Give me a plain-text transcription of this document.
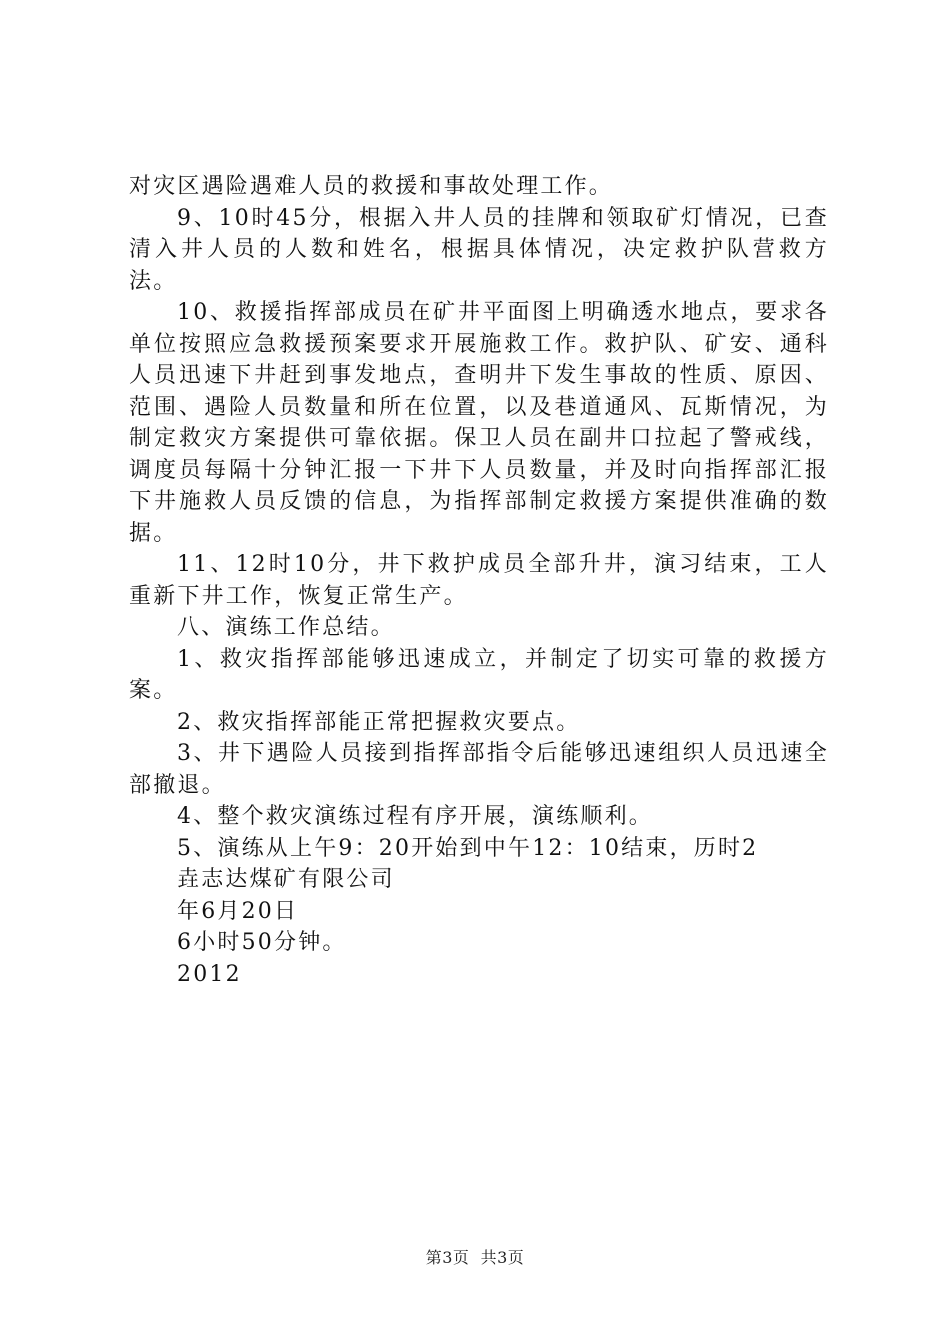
对灾区遇险遇难人员的救援和事故处理工作。

9、10时45分，根据入井人员的挂牌和领取矿灯情况，已查清入井人员的人数和姓名，根据具体情况，决定救护队营救方法。

10、救援指挥部成员在矿井平面图上明确透水地点，要求各单位按照应急救援预案要求开展施救工作。救护队、矿安、通科人员迅速下井赶到事发地点，查明井下发生事故的性质、原因、范围、遇险人员数量和所在位置，以及巷道通风、瓦斯情况，为制定救灾方案提供可靠依据。保卫人员在副井口拉起了警戒线，调度员每隔十分钟汇报一下井下人员数量，并及时向指挥部汇报下井施救人员反馈的信息，为指挥部制定救援方案提供准确的数据。

11、12时10分，井下救护成员全部升井，演习结束，工人重新下井工作，恢复正常生产。

八、演练工作总结。

1、救灾指挥部能够迅速成立，并制定了切实可靠的救援方案。

2、救灾指挥部能正常把握救灾要点。

3、井下遇险人员接到指挥部指令后能够迅速组织人员迅速全部撤退。

4、整个救灾演练过程有序开展，演练顺利。

5、演练从上午9：20开始到中午12：10结束，历时2

垚志达煤矿有限公司

年6月20日

6小时50分钟。

2012

第3页 共3页
